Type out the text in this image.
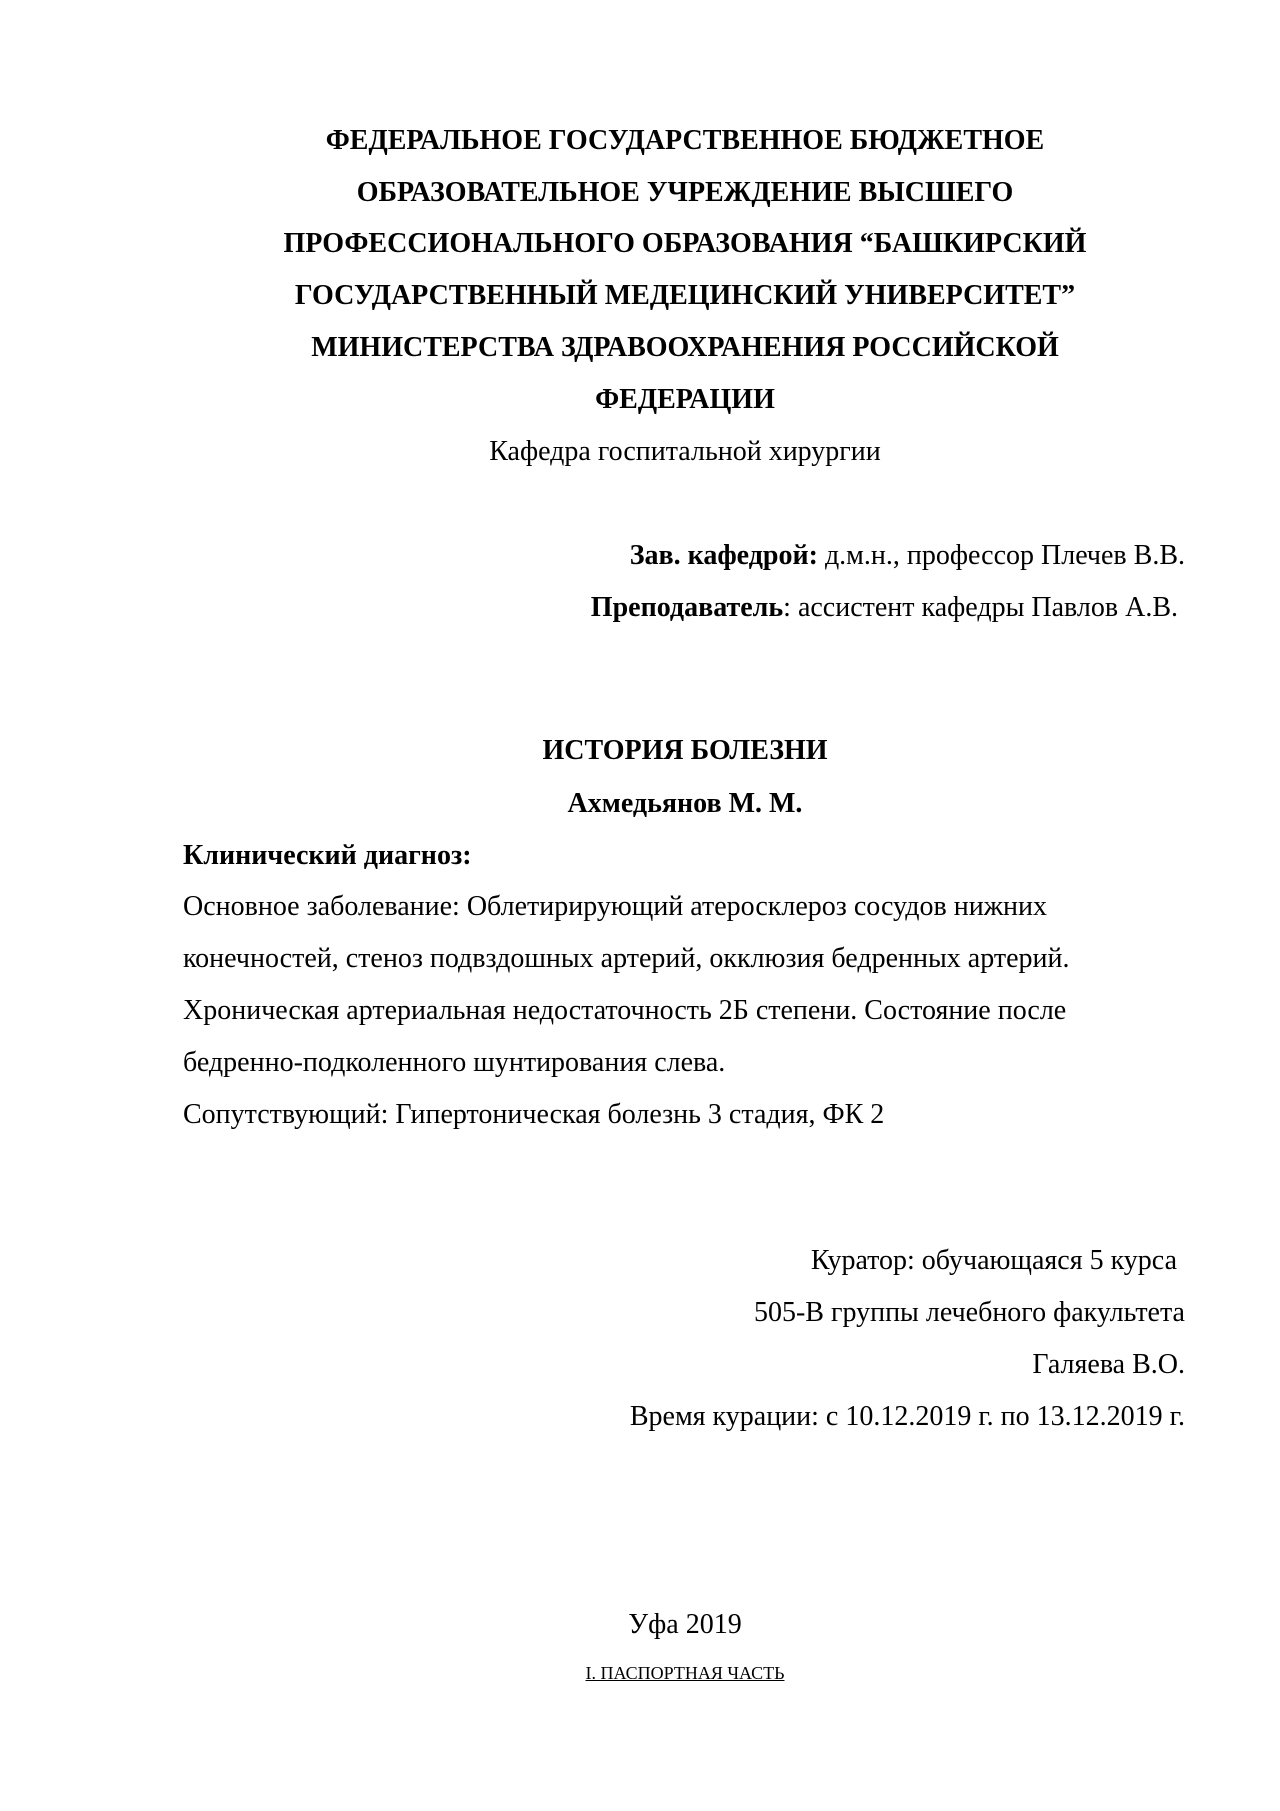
ФЕДЕРАЛЬНОЕ ГОСУДАРСТВЕННОЕ БЮДЖЕТНОЕ
ОБРАЗОВАТЕЛЬНОЕ УЧРЕЖДЕНИЕ ВЫСШЕГО
ПРОФЕССИОНАЛЬНОГО ОБРАЗОВАНИЯ “БАШКИРСКИЙ
ГОСУДАРСТВЕННЫЙ МЕДЕЦИНСКИЙ УНИВЕРСИТЕТ”
МИНИСТЕРСТВА ЗДРАВООХРАНЕНИЯ РОССИЙСКОЙ
ФЕДЕРАЦИИ
Кафедра госпитальной хирургии
Зав. кафедрой: д.м.н., профессор Плечев В.В.
Преподаватель: ассистент кафедры Павлов А.В.
ИСТОРИЯ БОЛЕЗНИ
Ахмедьянов М. М.
Клинический диагноз:
Основное заболевание: Облетирирующий атеросклероз сосудов нижних
конечностей, стеноз подвздошных артерий, окклюзия бедренных артерий.
Хроническая артериальная недостаточность 2Б степени. Состояние после
бедренно-подколенного шунтирования слева.
Сопутствующий: Гипертоническая болезнь 3 стадия, ФК 2
Куратор: обучающаяся 5 курса
505-В группы лечебного факультета
Галяева В.О.
Время курации: с 10.12.2019 г. по 13.12.2019 г.
Уфа 2019
I. ПАСПОРТНАЯ ЧАСТЬ
